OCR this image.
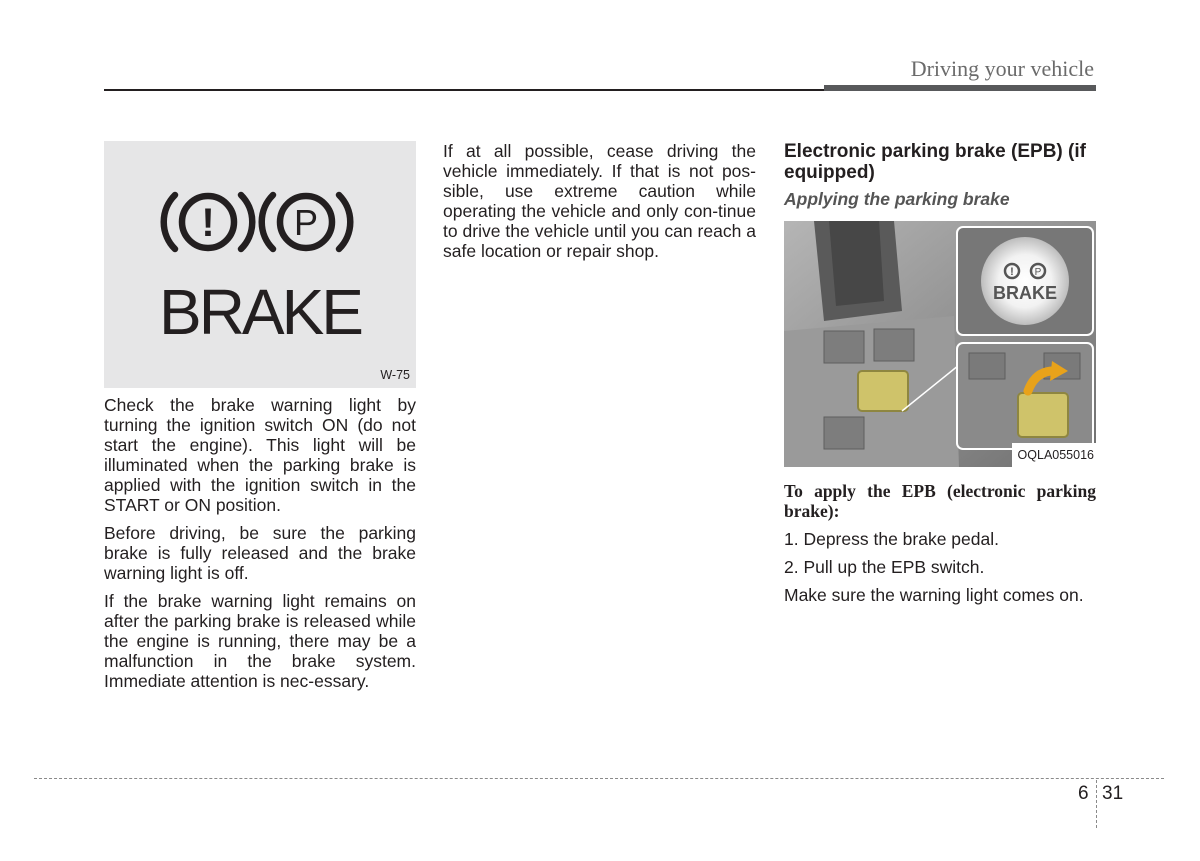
Driving your vehicle
! P
BRAKE
W-75

Check the brake warning light by turning the ignition switch ON (do not start the engine). This light will be illuminated when the parking brake is applied with the ignition switch in the START or ON position.

Before driving, be sure the parking brake is fully released and the brake warning light is off.

If the brake warning light remains on after the parking brake is released while the engine is running, there may be a malfunction in the brake system. Immediate attention is nec-essary.

If at all possible, cease driving the vehicle immediately. If that is not pos-sible, use extreme caution while operating the vehicle and only con-tinue to drive the vehicle until you can reach a safe location or repair shop.

Electronic parking brake (EPB) (if equipped)
Applying the parking brake
! P
BRAKE
OQLA055016

To apply the EPB (electronic parking brake):

1. Depress the brake pedal.

2. Pull up the EPB switch.

Make sure the warning light comes on.

6 31
